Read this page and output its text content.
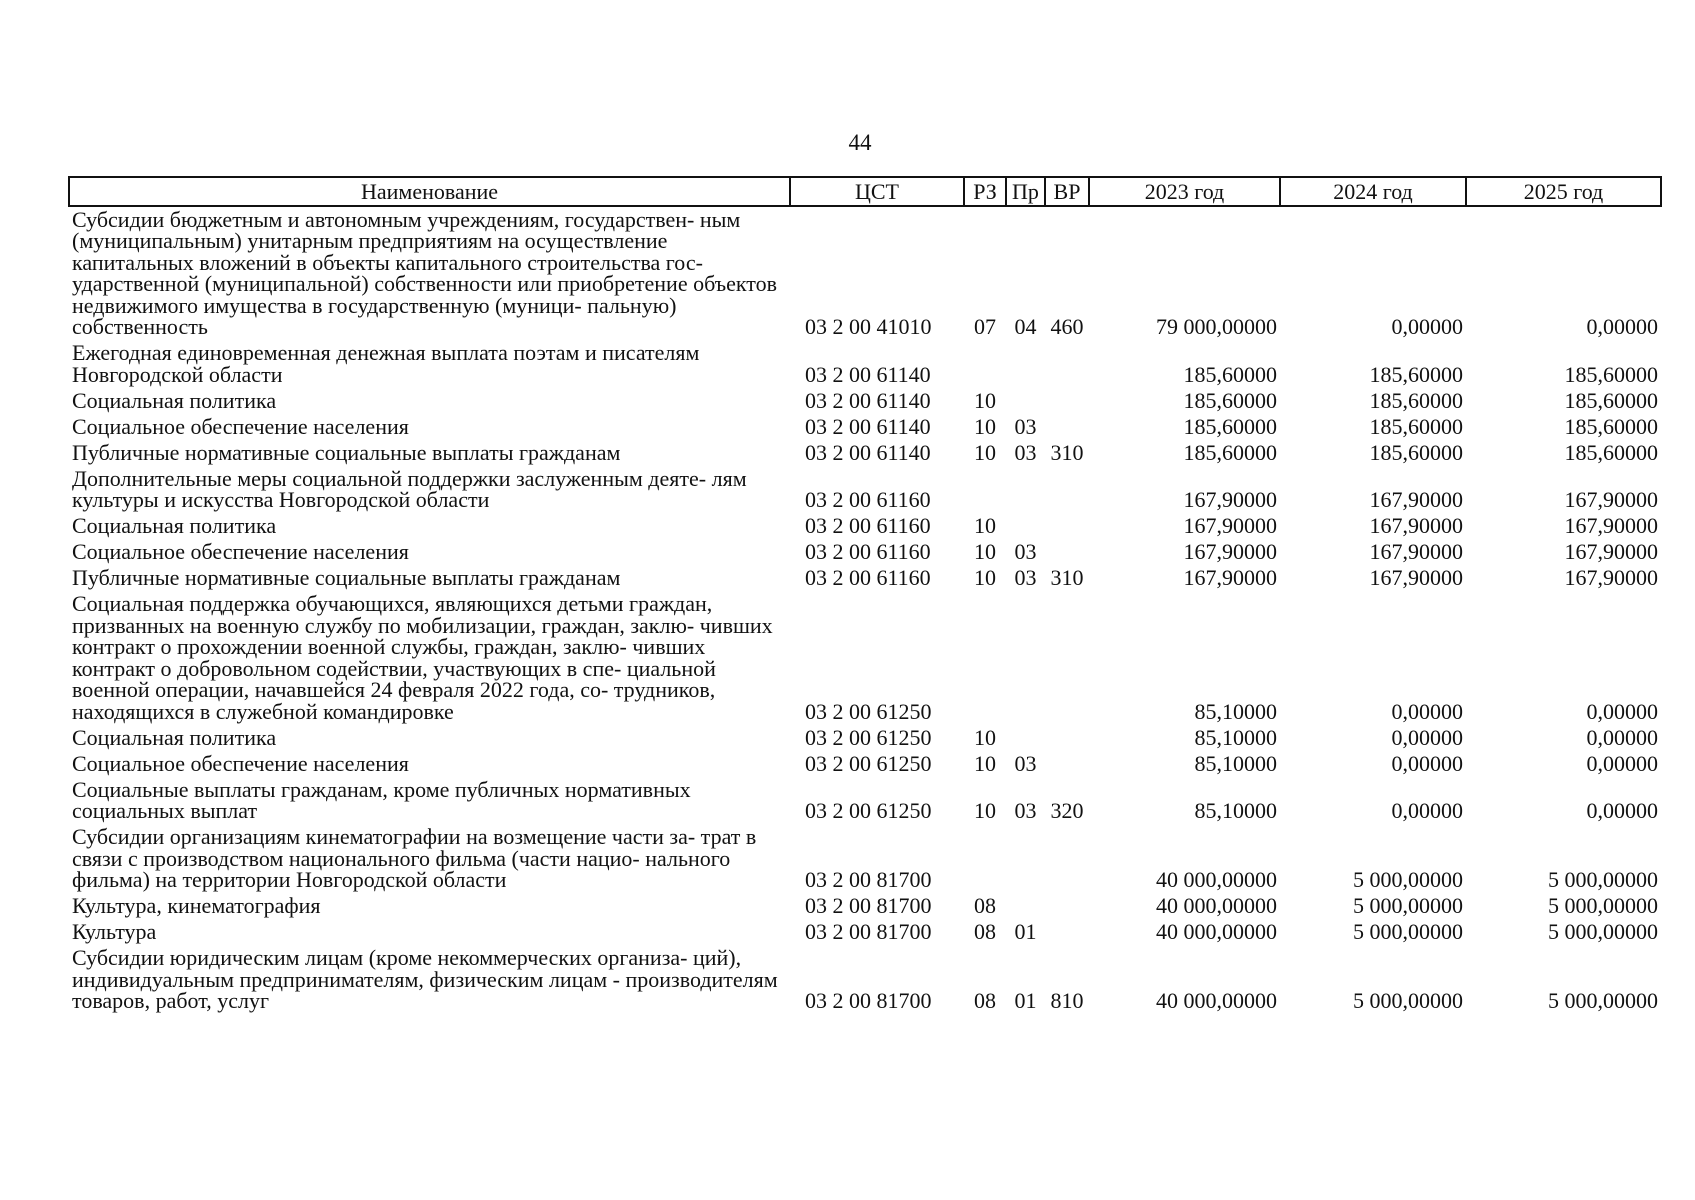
44
Наименование	ЦСТ	РЗ	Пр	ВР	2023 год	2024 год	2025 год
Субсидии бюджетным и автономным учреждениям, государствен- ным (муниципальным) унитарным предприятиям на осуществление капитальных вложений в объекты капитального строительства гос- ударственной (муниципальной) собственности или приобретение объектов недвижимого имущества в государственную (муници- пальную) собственность	03 2 00 41010	07	04	460	79 000,00000	0,00000	0,00000
Ежегодная единовременная денежная выплата поэтам и писателям Новгородской области	03 2 00 61140				185,60000	185,60000	185,60000
Социальная политика	03 2 00 61140	10			185,60000	185,60000	185,60000
Социальное обеспечение населения	03 2 00 61140	10	03		185,60000	185,60000	185,60000
Публичные нормативные социальные выплаты гражданам	03 2 00 61140	10	03	310	185,60000	185,60000	185,60000
Дополнительные меры социальной поддержки заслуженным деяте- лям культуры и искусства Новгородской области	03 2 00 61160				167,90000	167,90000	167,90000
Социальная политика	03 2 00 61160	10			167,90000	167,90000	167,90000
Социальное обеспечение населения	03 2 00 61160	10	03		167,90000	167,90000	167,90000
Публичные нормативные социальные выплаты гражданам	03 2 00 61160	10	03	310	167,90000	167,90000	167,90000
Социальная поддержка обучающихся, являющихся детьми граждан, призванных на военную службу по мобилизации, граждан, заклю- чивших контракт о прохождении военной службы, граждан, заклю- чивших контракт о добровольном содействии, участвующих в спе- циальной военной операции, начавшейся 24 февраля 2022 года, со- трудников, находящихся в служебной командировке	03 2 00 61250				85,10000	0,00000	0,00000
Социальная политика	03 2 00 61250	10			85,10000	0,00000	0,00000
Социальное обеспечение населения	03 2 00 61250	10	03		85,10000	0,00000	0,00000
Социальные выплаты гражданам, кроме публичных нормативных социальных выплат	03 2 00 61250	10	03	320	85,10000	0,00000	0,00000
Субсидии организациям кинематографии на возмещение части за- трат в связи с производством национального фильма (части нацио- нального фильма) на территории Новгородской области	03 2 00 81700				40 000,00000	5 000,00000	5 000,00000
Культура, кинематография	03 2 00 81700	08			40 000,00000	5 000,00000	5 000,00000
Культура	03 2 00 81700	08	01		40 000,00000	5 000,00000	5 000,00000
Субсидии юридическим лицам (кроме некоммерческих организа- ций), индивидуальным предпринимателям, физическим лицам - производителям товаров, работ, услуг	03 2 00 81700	08	01	810	40 000,00000	5 000,00000	5 000,00000
